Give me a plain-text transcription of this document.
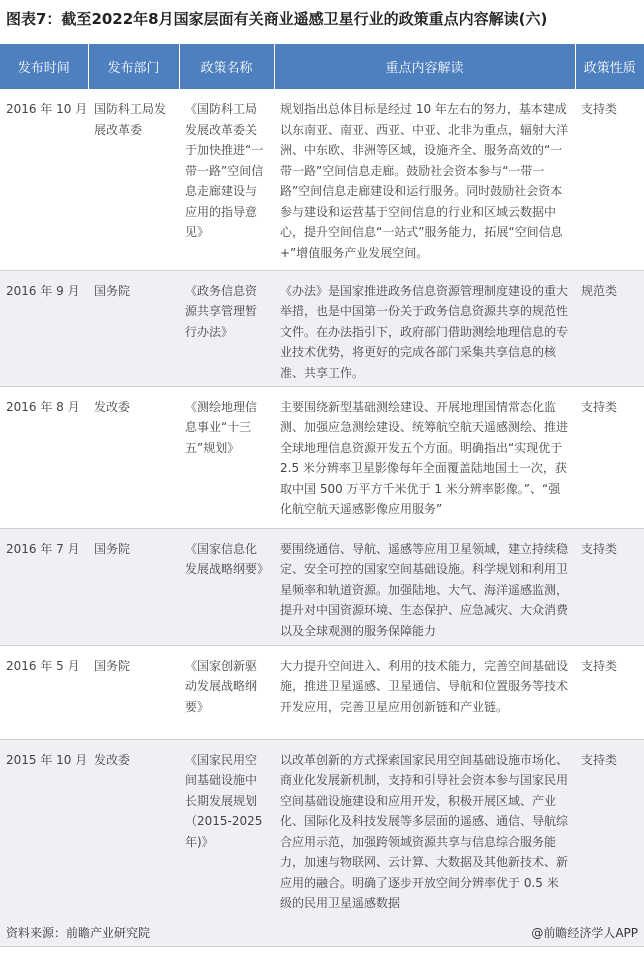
图表7：截至2022年8月国家层面有关商业遥感卫星行业的政策重点内容解读(六)
发布时间	发布部门	政策名称	重点内容解读	政策性质
2016 年 10 月	国防科工局发展改革委	《国防科工局发展改革委关于加快推进“一带一路”空间信息走廊建设与应用的指导意见》	规划指出总体目标是经过 10 年左右的努力，基本建成以东南亚、南亚、西亚、中亚、北非为重点，辐射大洋洲、中东欧、非洲等区域，设施齐全、服务高效的“一带一路”空间信息走廊。鼓励社会资本参与“一带一路”空间信息走廊建设和运行服务。同时鼓励社会资本参与建设和运营基于空间信息的行业和区域云数据中心，提升空间信息“一站式”服务能力，拓展“空间信息+”增值服务产业发展空间。	支持类
2016 年 9 月	国务院	《政务信息资源共享管理暂行办法》	《办法》是国家推进政务信息资源管理制度建设的重大举措，也是中国第一份关于政务信息资源共享的规范性文件。在办法指引下，政府部门借助测绘地理信息的专业技术优势，将更好的完成各部门采集共享信息的核准、共享工作。	规范类
2016 年 8 月	发改委	《测绘地理信息事业“十三五”规划》	主要围绕新型基础测绘建设、开展地理国情常态化监测、加强应急测绘建设、统筹航空航天遥感测绘、推进全球地理信息资源开发五个方面。明确指出“实现优于 2.5 米分辨率卫星影像每年全面覆盖陆地国土一次，获取中国 500 万平方千米优于 1 米分辨率影像。”、“强化航空航天遥感影像应用服务”	支持类
2016 年 7 月	国务院	《国家信息化发展战略纲要》	要围绕通信、导航、遥感等应用卫星领域，建立持续稳定、安全可控的国家空间基础设施。科学规划和利用卫星频率和轨道资源。加强陆地、大气、海洋遥感监测，提升对中国资源环境、生态保护、应急减灾、大众消费以及全球观测的服务保障能力	支持类
2016 年 5 月	国务院	《国家创新驱动发展战略纲要》	大力提升空间进入、利用的技术能力，完善空间基础设施，推进卫星遥感、卫星通信、导航和位置服务等技术开发应用，完善卫星应用创新链和产业链。	支持类
2015 年 10 月	发改委	《国家民用空间基础设施中长期发展规划（2015-2025 年)》	以改革创新的方式探索国家民用空间基础设施市场化、商业化发展新机制，支持和引导社会资本参与国家民用空间基础设施建设和应用开发，积极开展区域、产业化、国际化及科技发展等多层面的遥感、通信、导航综合应用示范，加强跨领域资源共享与信息综合服务能力，加速与物联网、云计算、大数据及其他新技术、新应用的融合。明确了逐步开放空间分辨率优于 0.5 米级的民用卫星遥感数据	支持类
资料来源：前瞻产业研究院	@前瞻经济学人APP
